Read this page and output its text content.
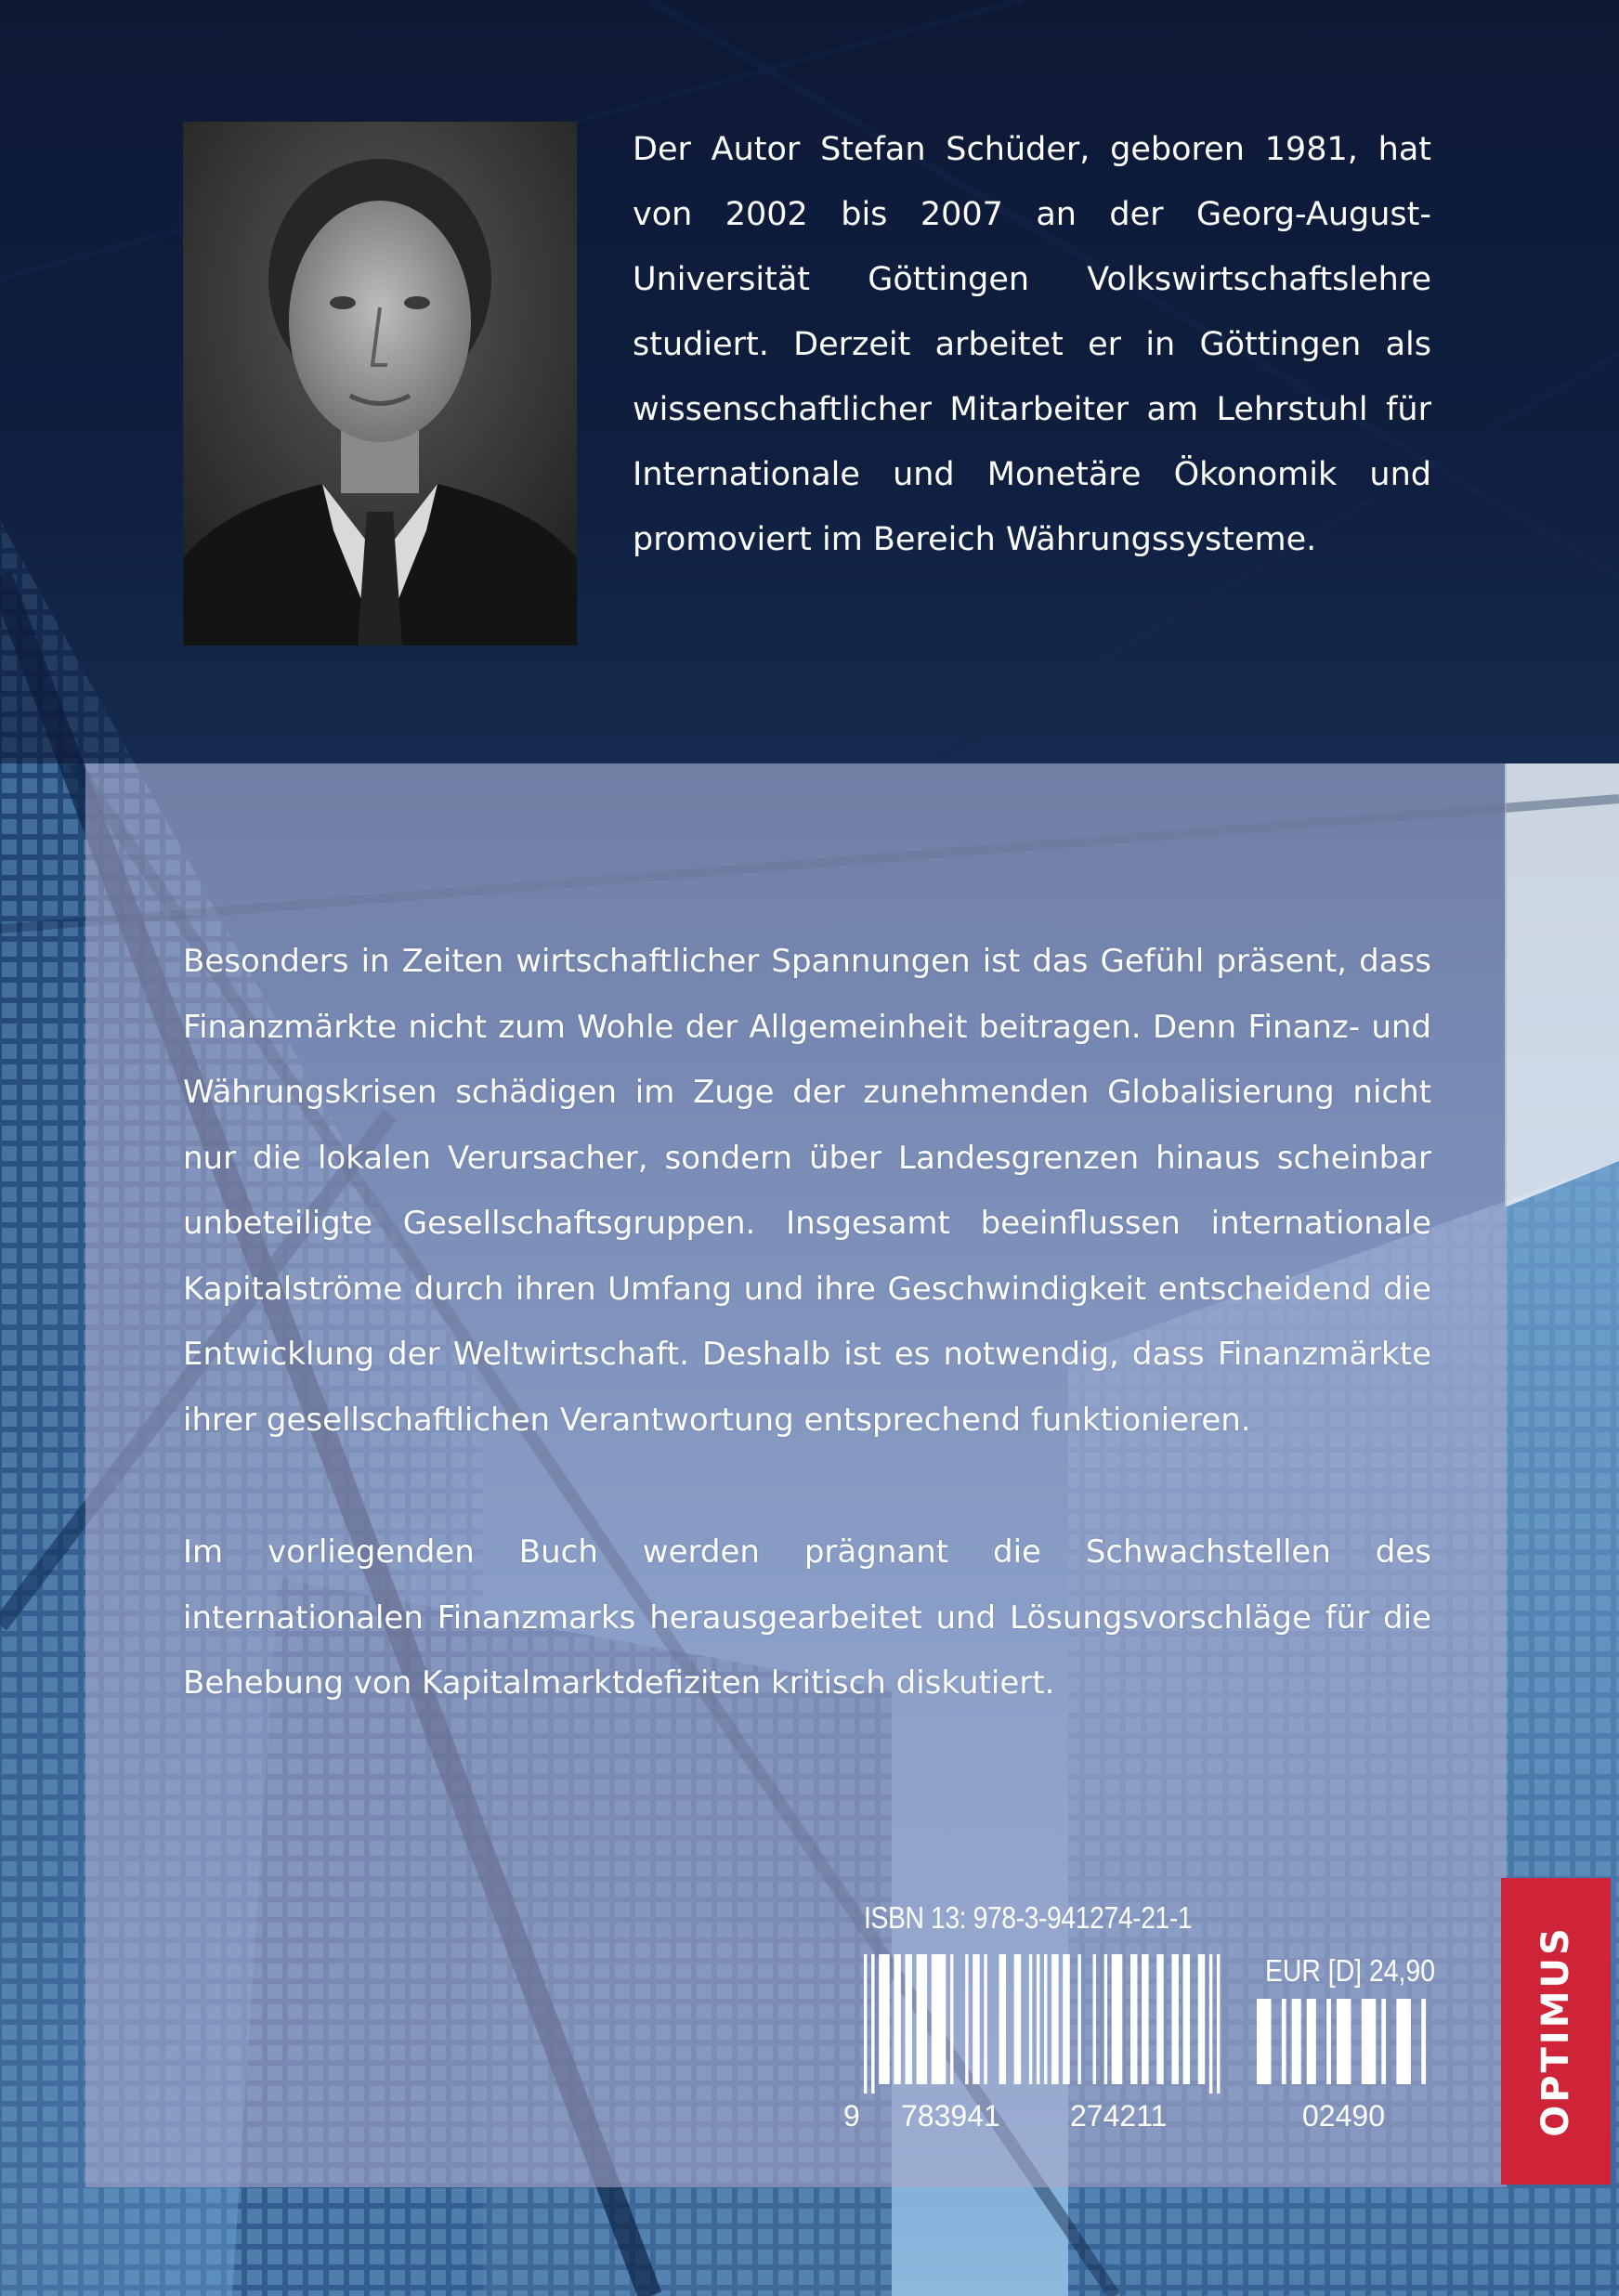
Der Autor Stefan Schüder, geboren 1981, hat von 2002 bis 2007 an der Georg-August-Universität Göttingen Volkswirtschaftslehre studiert. Derzeit arbeitet er in Göttingen als wissenschaftlicher Mitarbeiter am Lehrstuhl für Internationale und Monetäre Ökonomik und promoviert im Bereich Währungssysteme.

Besonders in Zeiten wirtschaftlicher Spannungen ist das Gefühl präsent, dass Finanzmärkte nicht zum Wohle der Allgemeinheit beitragen. Denn Finanz- und Währungskrisen schädigen im Zuge der zunehmenden Globalisierung nicht nur die lokalen Verursacher, sondern über Landesgrenzen hinaus scheinbar unbeteiligte Gesellschaftsgruppen. Insgesamt beeinflussen internationale Kapitalströme durch ihren Umfang und ihre Geschwindigkeit entscheidend die Entwicklung der Weltwirtschaft. Deshalb ist es notwendig, dass Finanzmärkte ihrer gesellschaftlichen Verantwortung entsprechend funktionieren.

Im vorliegenden Buch werden prägnant die Schwachstellen des internationalen Finanzmarks herausgearbeitet und Lösungsvorschläge für die Behebung von Kapitalmarktdefiziten kritisch diskutiert.

ISBN 13: 978-3-941274-21-1
EUR [D] 24,90
9 783941 274211	02490	OPTIMUS
